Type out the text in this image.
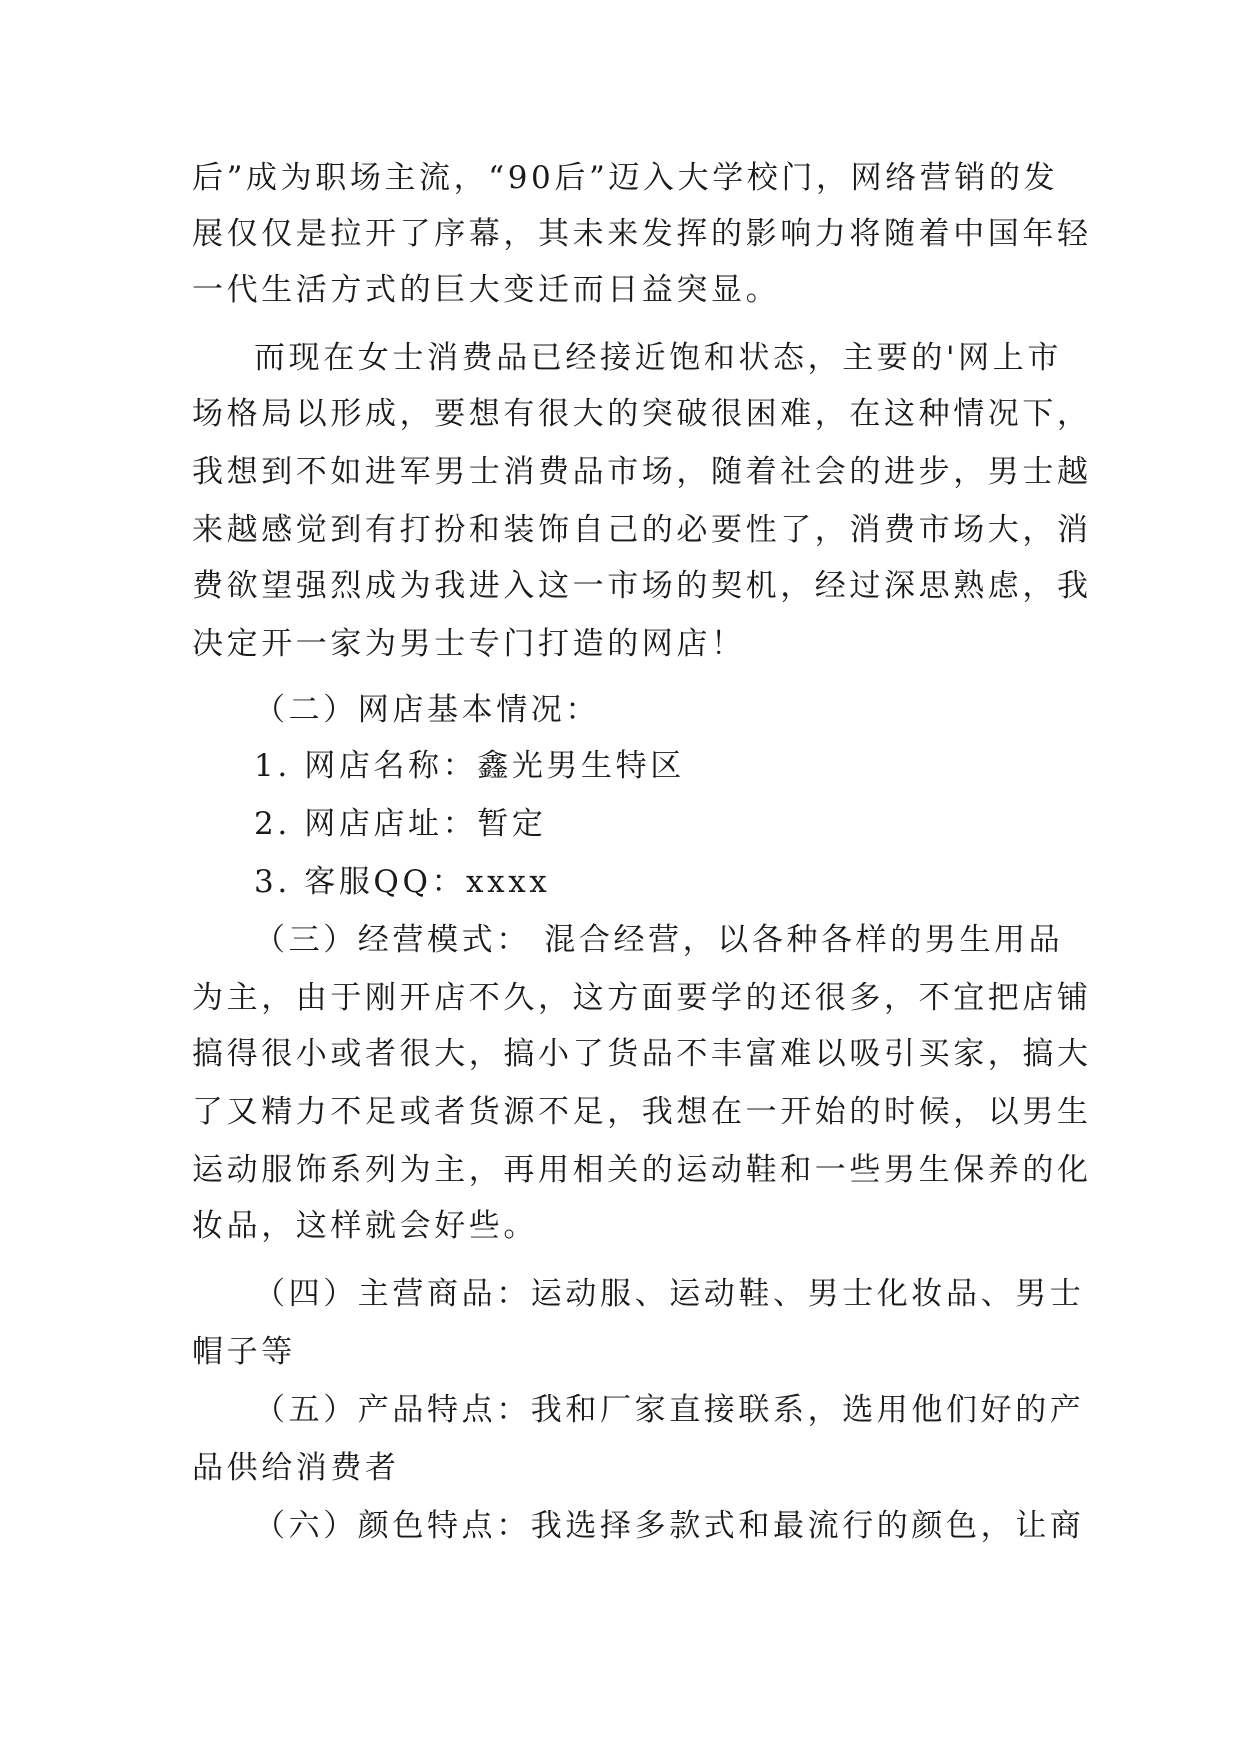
后”成为职场主流，“90后”迈入大学校门，网络营销的发

展仅仅是拉开了序幕，其未来发挥的影响力将随着中国年轻

一代生活方式的巨大变迁而日益突显。

而现在女士消费品已经接近饱和状态，主要的'网上市

场格局以形成，要想有很大的突破很困难，在这种情况下，

我想到不如进军男士消费品市场，随着社会的进步，男士越

来越感觉到有打扮和装饰自己的必要性了，消费市场大，消

费欲望强烈成为我进入这一市场的契机，经过深思熟虑，我

决定开一家为男士专门打造的网店！

（二）网店基本情况：

1. 网店名称：鑫光男生特区

2. 网店店址：暂定

3. 客服QQ：xxxx

（三）经营模式： 混合经营，以各种各样的男生用品

为主，由于刚开店不久，这方面要学的还很多，不宜把店铺

搞得很小或者很大，搞小了货品不丰富难以吸引买家，搞大

了又精力不足或者货源不足，我想在一开始的时候，以男生

运动服饰系列为主，再用相关的运动鞋和一些男生保养的化

妆品，这样就会好些。

（四）主营商品：运动服、运动鞋、男士化妆品、男士

帽子等

（五）产品特点：我和厂家直接联系，选用他们好的产

品供给消费者

（六）颜色特点：我选择多款式和最流行的颜色，让商
